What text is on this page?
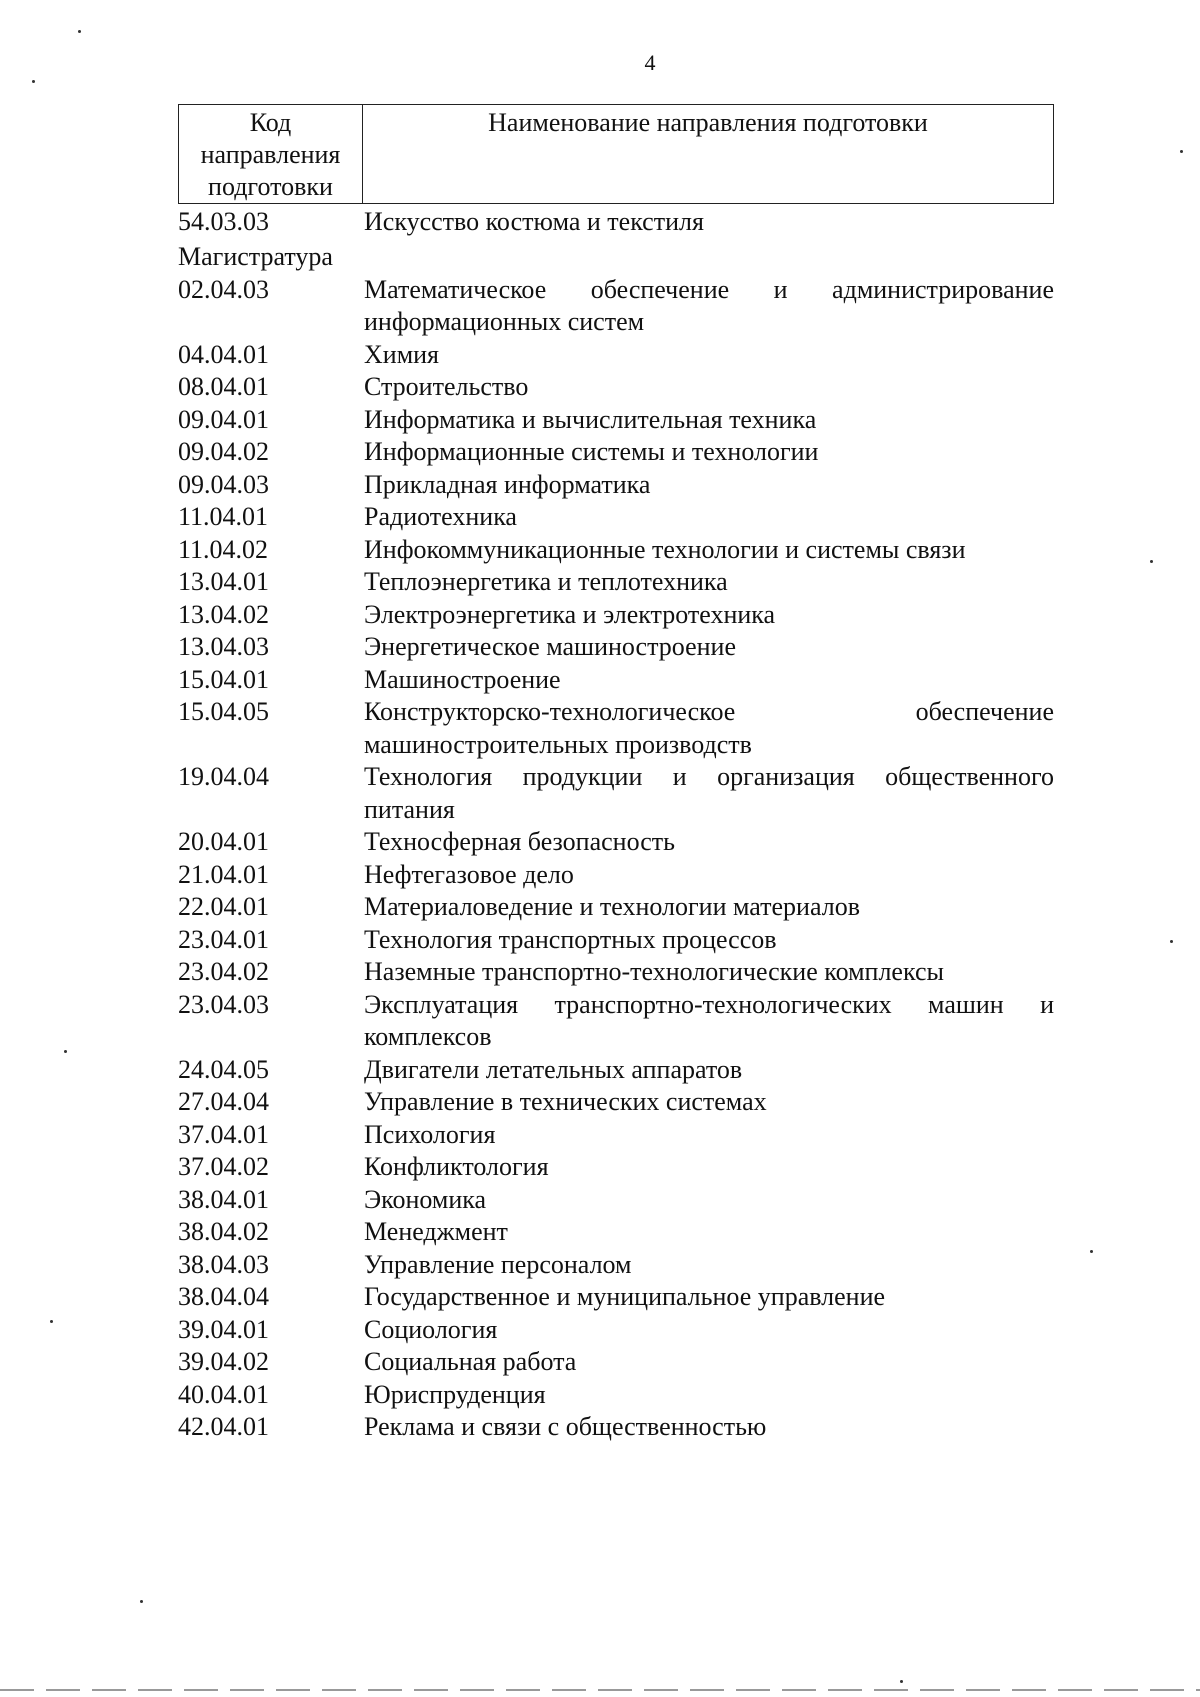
4
Код направления подготовки	Наименование направления подготовки
54.03.03	Искусство костюма и текстиля
Магистратура
02.04.03	Математическое обеспечение и администрирование информационных систем
04.04.01	Химия
08.04.01	Строительство
09.04.01	Информатика и вычислительная техника
09.04.02	Информационные системы и технологии
09.04.03	Прикладная информатика
11.04.01	Радиотехника
11.04.02	Инфокоммуникационные технологии и системы связи
13.04.01	Теплоэнергетика и теплотехника
13.04.02	Электроэнергетика и электротехника
13.04.03	Энергетическое машиностроение
15.04.01	Машиностроение
15.04.05	Конструкторско-технологическое обеспечение машиностроительных производств
19.04.04	Технология продукции и организация общественного питания
20.04.01	Техносферная безопасность
21.04.01	Нефтегазовое дело
22.04.01	Материаловедение и технологии материалов
23.04.01	Технология транспортных процессов
23.04.02	Наземные транспортно-технологические комплексы
23.04.03	Эксплуатация транспортно-технологических машин и комплексов
24.04.05	Двигатели летательных аппаратов
27.04.04	Управление в технических системах
37.04.01	Психология
37.04.02	Конфликтология
38.04.01	Экономика
38.04.02	Менеджмент
38.04.03	Управление персоналом
38.04.04	Государственное и муниципальное управление
39.04.01	Социология
39.04.02	Социальная работа
40.04.01	Юриспруденция
42.04.01	Реклама и связи с общественностью
